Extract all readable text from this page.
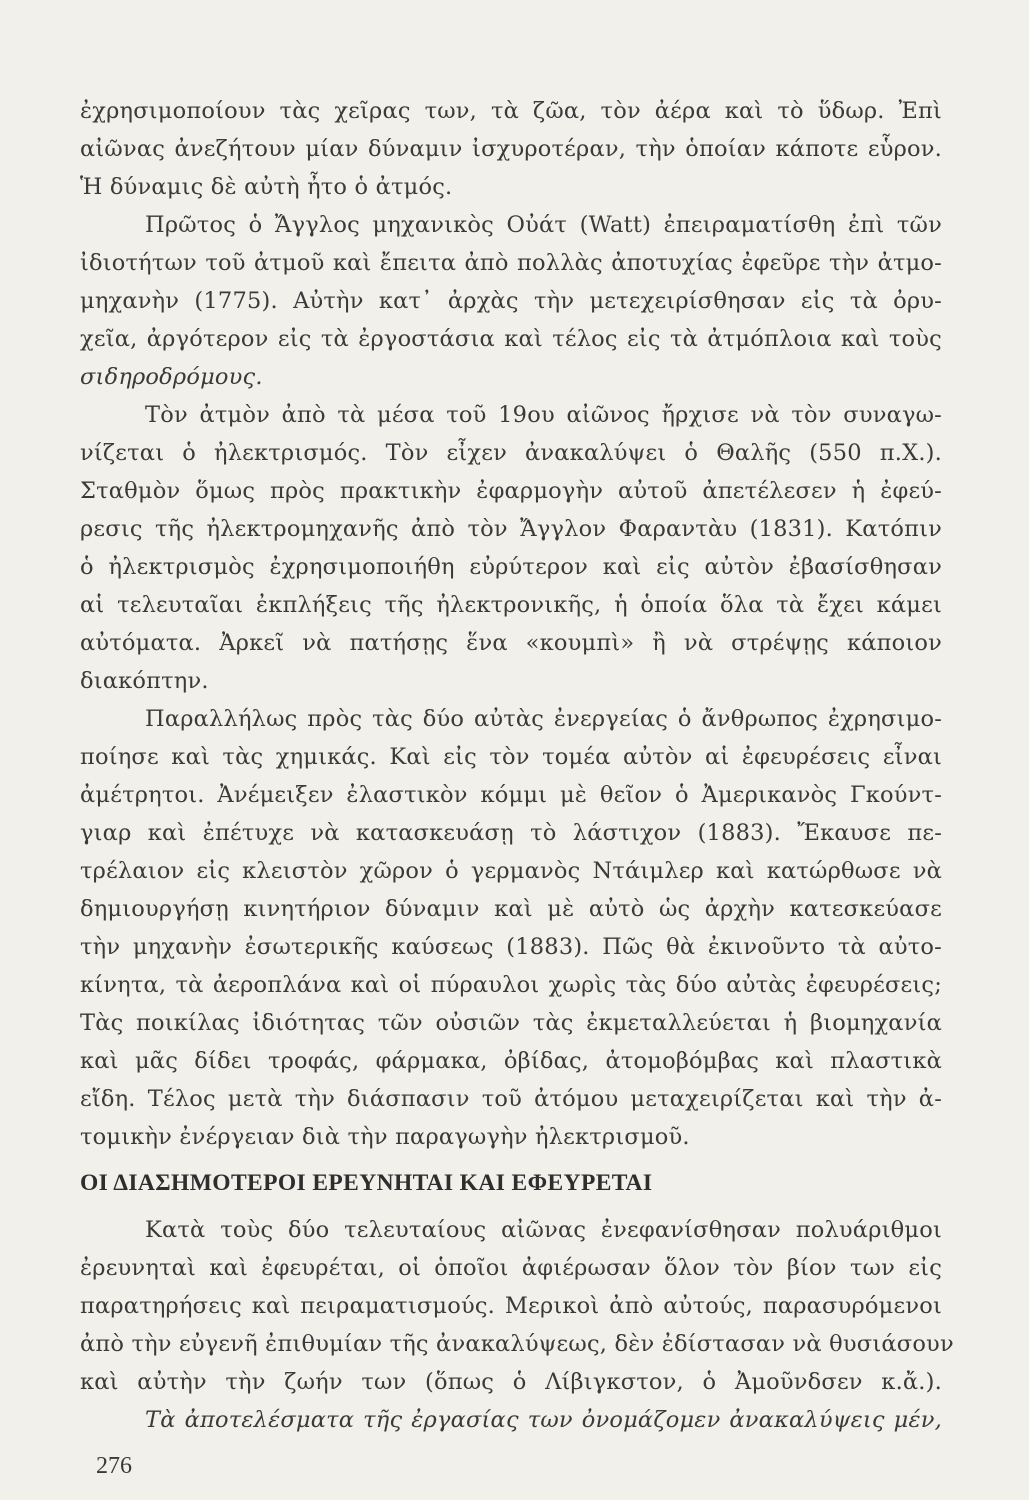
ἐχρησιμοποίουν τὰς χεῖρας των, τὰ ζῶα, τὸν ἀέρα καὶ τὸ ὕδωρ. Ἐπὶ
αἰῶνας ἀνεζήτουν μίαν δύναμιν ἰσχυροτέραν, τὴν ὁποίαν κάποτε εὗρον.
Ἡ δύναμις δὲ αὐτὴ ἦτο ὁ ἀτμός.
Πρῶτος ὁ Ἄγγλος μηχανικὸς Οὐάτ (Watt) ἐπειραματίσθη ἐπὶ τῶν
ἰδιοτήτων τοῦ ἀτμοῦ καὶ ἔπειτα ἀπὸ πολλὰς ἀποτυχίας ἐφεῦρε τὴν ἀτμο-
μηχανὴν (1775). Αὐτὴν κατ᾽ ἀρχὰς τὴν μετεχειρίσθησαν εἰς τὰ ὀρυ-
χεῖα, ἀργότερον εἰς τὰ ἐργοστάσια καὶ τέλος εἰς τὰ ἀτμόπλοια καὶ τοὺς
σιδηροδρόμους.
Τὸν ἀτμὸν ἀπὸ τὰ μέσα τοῦ 19ου αἰῶνος ἤρχισε νὰ τὸν συναγω-
νίζεται ὁ ἠλεκτρισμός. Τὸν εἶχεν ἀνακαλύψει ὁ Θαλῆς (550 π.Χ.).
Σταθμὸν ὅμως πρὸς πρακτικὴν ἐφαρμογὴν αὐτοῦ ἀπετέλεσεν ἡ ἐφεύ-
ρεσις τῆς ἠλεκτρομηχανῆς ἀπὸ τὸν Ἄγγλον Φαραντὰυ (1831). Κατόπιν
ὁ ἠλεκτρισμὸς ἐχρησιμοποιήθη εὐρύτερον καὶ εἰς αὐτὸν ἐβασίσθησαν
αἱ τελευταῖαι ἐκπλήξεις τῆς ἠλεκτρονικῆς, ἡ ὁποία ὅλα τὰ ἔχει κάμει
αὐτόματα. Ἀρκεῖ νὰ πατήσῃς ἕνα «κουμπὶ» ἢ νὰ στρέψῃς κάποιον
διακόπτην.
Παραλλήλως πρὸς τὰς δύο αὐτὰς ἐνεργείας ὁ ἄνθρωπος ἐχρησιμο-
ποίησε καὶ τὰς χημικάς. Καὶ εἰς τὸν τομέα αὐτὸν αἱ ἐφευρέσεις εἶναι
ἀμέτρητοι. Ἀνέμειξεν ἐλαστικὸν κόμμι μὲ θεῖον ὁ Ἀμερικανὸς Γκούντ-
γιαρ καὶ ἐπέτυχε νὰ κατασκευάσῃ τὸ λάστιχον (1883). Ἔκαυσε πε-
τρέλαιον εἰς κλειστὸν χῶρον ὁ γερμανὸς Ντάιμλερ καὶ κατώρθωσε νὰ
δημιουργήσῃ κινητήριον δύναμιν καὶ μὲ αὐτὸ ὡς ἀρχὴν κατεσκεύασε
τὴν μηχανὴν ἐσωτερικῆς καύσεως (1883). Πῶς θὰ ἐκινοῦντο τὰ αὐτο-
κίνητα, τὰ ἀεροπλάνα καὶ οἱ πύραυλοι χωρὶς τὰς δύο αὐτὰς ἐφευρέσεις;
Τὰς ποικίλας ἰδιότητας τῶν οὐσιῶν τὰς ἐκμεταλλεύεται ἡ βιομηχανία
καὶ μᾶς δίδει τροφάς, φάρμακα, ὀβίδας, ἀτομοβόμβας καὶ πλαστικὰ
εἴδη. Τέλος μετὰ τὴν διάσπασιν τοῦ ἀτόμου μεταχειρίζεται καὶ τὴν ἀ-
τομικὴν ἐνέργειαν διὰ τὴν παραγωγὴν ἠλεκτρισμοῦ.
ΟΙ ΔΙΑΣΗΜΟΤΕΡΟΙ ΕΡΕΥΝΗΤΑΙ ΚΑΙ ΕΦΕΥΡΕΤΑΙ
Κατὰ τοὺς δύο τελευταίους αἰῶνας ἐνεφανίσθησαν πολυάριθμοι
ἐρευνηταὶ καὶ ἐφευρέται, οἱ ὁποῖοι ἀφιέρωσαν ὅλον τὸν βίον των εἰς
παρατηρήσεις καὶ πειραματισμούς. Μερικοὶ ἀπὸ αὐτούς, παρασυρόμενοι
ἀπὸ τὴν εὐγενῆ ἐπιθυμίαν τῆς ἀνακαλύψεως, δὲν ἐδίστασαν νὰ θυσιάσουν
καὶ αὐτὴν τὴν ζωήν των (ὅπως ὁ Λίβιγκστον, ὁ Ἀμοῦνδσεν κ.ἄ.).
Τὰ ἀποτελέσματα τῆς ἐργασίας των ὀνομάζομεν ἀνακαλύψεις μέν,
276
